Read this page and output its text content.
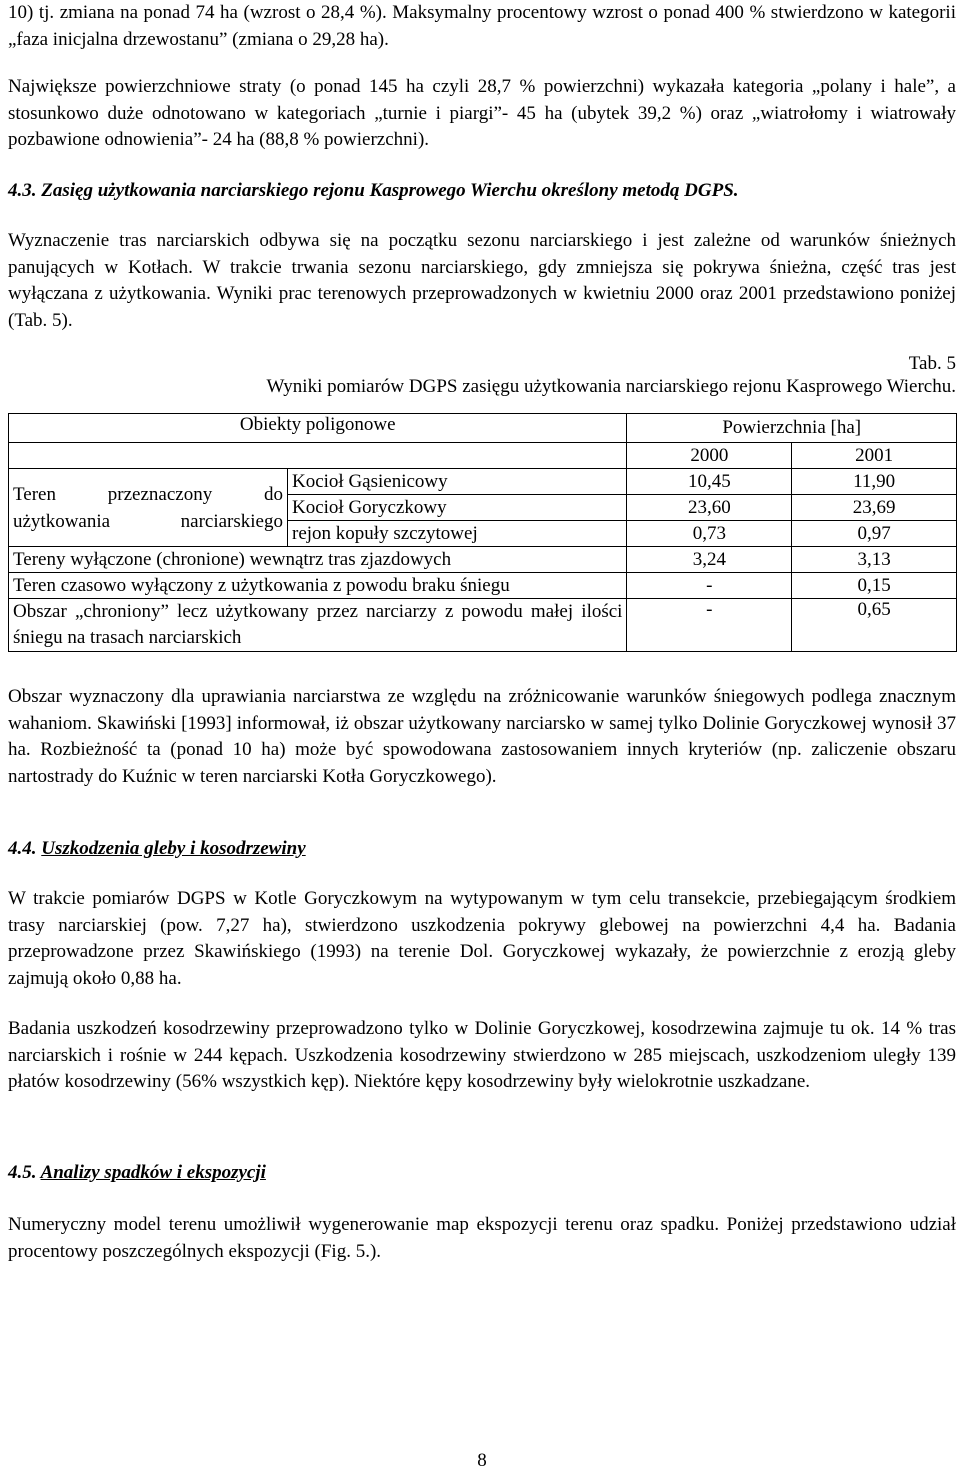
10) tj. zmiana na ponad 74 ha (wzrost o 28,4 %). Maksymalny procentowy wzrost o ponad 400 % stwierdzono w kategorii „faza inicjalna drzewostanu” (zmiana o 29,28 ha).

Największe powierzchniowe straty (o ponad 145 ha czyli 28,7 % powierzchni) wykazała kategoria „polany i hale”, a stosunkowo duże odnotowano w kategoriach „turnie i piargi”- 45 ha (ubytek 39,2 %) oraz „wiatrołomy i wiatrowały pozbawione odnowienia”- 24 ha (88,8 % powierzchni).

4.3. Zasięg użytkowania narciarskiego rejonu Kasprowego Wierchu określony metodą DGPS.

Wyznaczenie tras narciarskich odbywa się na początku sezonu narciarskiego i jest zależne od warunków śnieżnych panujących w Kotłach. W trakcie trwania sezonu narciarskiego, gdy zmniejsza się pokrywa śnieżna, część tras jest wyłączana z użytkowania. Wyniki prac terenowych przeprowadzonych w kwietniu 2000 oraz 2001 przedstawiono poniżej (Tab. 5).

Tab. 5
Wyniki pomiarów DGPS zasięgu użytkowania narciarskiego rejonu Kasprowego Wierchu.
Obiekty poligonowe		Powierzchnia [ha]	
		2000	2001

Teren przeznaczony do użytkowania narciarskiego	Kocioł Gąsienicowy	10,45	11,90
	Kocioł Goryczkowy	23,60	23,69
	rejon kopuły szczytowej	0,73	0,97
Tereny wyłączone (chronione) wewnątrz tras zjazdowych		3,24	3,13
Teren czasowo wyłączony z użytkowania z powodu braku śniegu		-	0,15
Obszar „chroniony” lecz użytkowany przez narciarzy z powodu małej ilości śniegu na trasach narciarskich		-	0,65

Obszar wyznaczony dla uprawiania narciarstwa ze względu na zróżnicowanie warunków śniegowych podlega znacznym wahaniom. Skawiński [1993] informował, iż obszar użytkowany narciarsko w samej tylko Dolinie Goryczkowej wynosił 37 ha. Rozbieżność ta (ponad 10 ha) może być spowodowana zastosowaniem innych kryteriów (np. zaliczenie obszaru nartostrady do Kuźnic w teren narciarski Kotła Goryczkowego).

4.4. Uszkodzenia gleby i kosodrzewiny

W trakcie pomiarów DGPS w Kotle Goryczkowym na wytypowanym w tym celu transekcie, przebiegającym środkiem trasy narciarskiej (pow. 7,27 ha), stwierdzono uszkodzenia pokrywy glebowej na powierzchni 4,4 ha. Badania przeprowadzone przez Skawińskiego (1993) na terenie Dol. Goryczkowej wykazały, że powierzchnie z erozją gleby zajmują około 0,88 ha.

Badania uszkodzeń kosodrzewiny przeprowadzono tylko w Dolinie Goryczkowej, kosodrzewina zajmuje tu ok. 14 % tras narciarskich i rośnie w 244 kępach. Uszkodzenia kosodrzewiny stwierdzono w 285 miejscach, uszkodzeniom uległy 139 płatów kosodrzewiny (56% wszystkich kęp). Niektóre kępy kosodrzewiny były wielokrotnie uszkadzane.

4.5. Analizy spadków i ekspozycji

Numeryczny model terenu umożliwił wygenerowanie map ekspozycji terenu oraz spadku. Poniżej przedstawiono udział procentowy poszczególnych ekspozycji (Fig. 5.).

8
